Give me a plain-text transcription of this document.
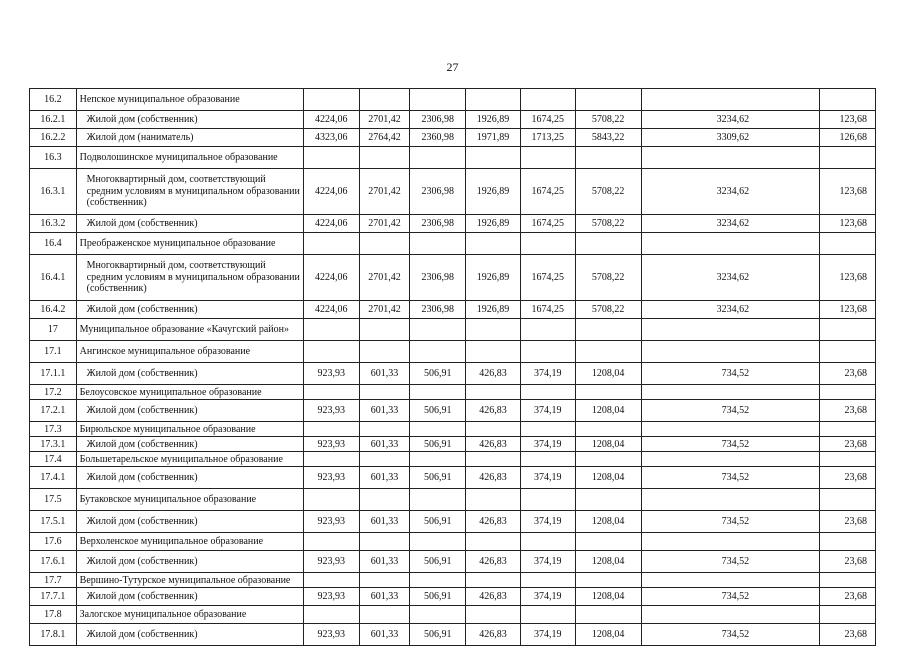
27
16.2	Непское муниципальное образование								
16.2.1	Жилой дом (собственник)	4224,06	2701,42	2306,98	1926,89	1674,25	5708,22	3234,62	123,68
16.2.2	Жилой дом (наниматель)	4323,06	2764,42	2360,98	1971,89	1713,25	5843,22	3309,62	126,68
16.3	Подволошинское муниципальное образование								
16.3.1	Многоквартирный дом, соответствующий средним условиям в муниципальном образовании (собственник)	4224,06	2701,42	2306,98	1926,89	1674,25	5708,22	3234,62	123,68
16.3.2	Жилой дом (собственник)	4224,06	2701,42	2306,98	1926,89	1674,25	5708,22	3234,62	123,68
16.4	Преображенское муниципальное образование								
16.4.1	Многоквартирный дом, соответствующий средним условиям в муниципальном образовании (собственник)	4224,06	2701,42	2306,98	1926,89	1674,25	5708,22	3234,62	123,68
16.4.2	Жилой дом (собственник)	4224,06	2701,42	2306,98	1926,89	1674,25	5708,22	3234,62	123,68
17	Муниципальное образование «Качугский район»								
17.1	Ангинское муниципальное образование								
17.1.1	Жилой дом (собственник)	923,93	601,33	506,91	426,83	374,19	1208,04	734,52	23,68
17.2	Белоусовское муниципальное образование								
17.2.1	Жилой дом (собственник)	923,93	601,33	506,91	426,83	374,19	1208,04	734,52	23,68
17.3	Бирюльское муниципальное образование								
17.3.1	Жилой дом (собственник)	923,93	601,33	506,91	426,83	374,19	1208,04	734,52	23,68
17.4	Большетарельское муниципальное образование								
17.4.1	Жилой дом (собственник)	923,93	601,33	506,91	426,83	374,19	1208,04	734,52	23,68
17.5	Бутаковское муниципальное образование								
17.5.1	Жилой дом (собственник)	923,93	601,33	506,91	426,83	374,19	1208,04	734,52	23,68
17.6	Верхоленское муниципальное образование								
17.6.1	Жилой дом (собственник)	923,93	601,33	506,91	426,83	374,19	1208,04	734,52	23,68
17.7	Вершино-Тутурское муниципальное образование								
17.7.1	Жилой дом (собственник)	923,93	601,33	506,91	426,83	374,19	1208,04	734,52	23,68
17.8	Залогское муниципальное образование								
17.8.1	Жилой дом (собственник)	923,93	601,33	506,91	426,83	374,19	1208,04	734,52	23,68
